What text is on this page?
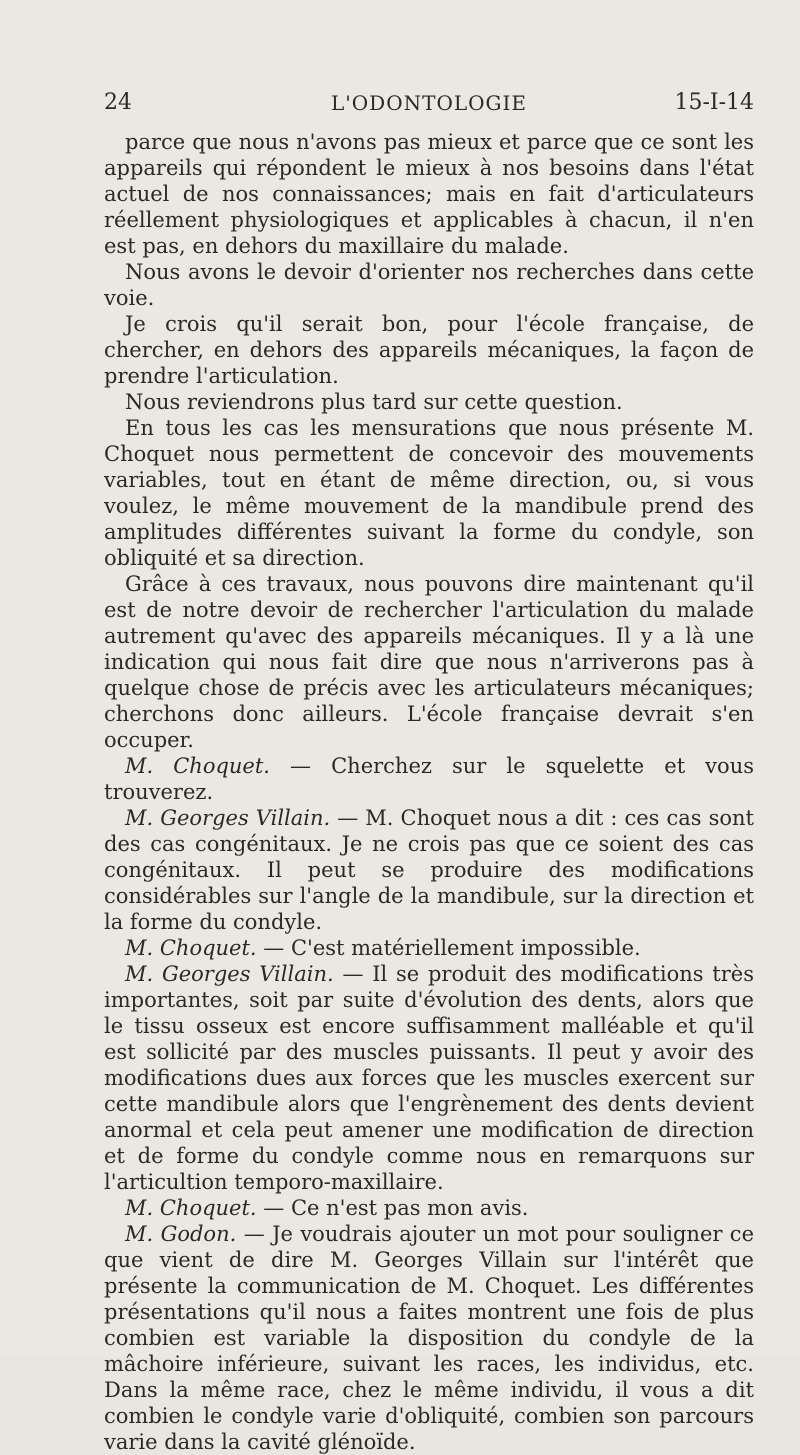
24	L'ODONTOLOGIE	15-I-14

parce que nous n'avons pas mieux et parce que ce sont les appareils qui répondent le mieux à nos besoins dans l'état actuel de nos connaissances; mais en fait d'articulateurs réellement physiologiques et applicables à chacun, il n'en est pas, en dehors du maxillaire du malade.

Nous avons le devoir d'orienter nos recherches dans cette voie.

Je crois qu'il serait bon, pour l'école française, de chercher, en dehors des appareils mécaniques, la façon de prendre l'articulation.

Nous reviendrons plus tard sur cette question.

En tous les cas les mensurations que nous présente M. Choquet nous permettent de concevoir des mouvements variables, tout en étant de même direction, ou, si vous voulez, le même mouvement de la mandibule prend des amplitudes différentes suivant la forme du condyle, son obliquité et sa direction.

Grâce à ces travaux, nous pouvons dire maintenant qu'il est de notre devoir de rechercher l'articulation du malade autrement qu'avec des appareils mécaniques. Il y a là une indication qui nous fait dire que nous n'arriverons pas à quelque chose de précis avec les articulateurs mécaniques; cherchons donc ailleurs. L'école française devrait s'en occuper.

M. Choquet. — Cherchez sur le squelette et vous trouverez.

M. Georges Villain. — M. Choquet nous a dit : ces cas sont des cas congénitaux. Je ne crois pas que ce soient des cas congénitaux. Il peut se produire des modifications considérables sur l'angle de la mandibule, sur la direction et la forme du condyle.

M. Choquet. — C'est matériellement impossible.

M. Georges Villain. — Il se produit des modifications très importantes, soit par suite d'évolution des dents, alors que le tissu osseux est encore suffisamment malléable et qu'il est sollicité par des muscles puissants. Il peut y avoir des modifications dues aux forces que les muscles exercent sur cette mandibule alors que l'engrènement des dents devient anormal et cela peut amener une modification de direction et de forme du condyle comme nous en remarquons sur l'articultion temporo-maxillaire.

M. Choquet. — Ce n'est pas mon avis.

M. Godon. — Je voudrais ajouter un mot pour souligner ce que vient de dire M. Georges Villain sur l'intérêt que présente la communication de M. Choquet. Les différentes présentations qu'il nous a faites montrent une fois de plus combien est variable la disposition du condyle de la mâchoire inférieure, suivant les races, les individus, etc. Dans la même race, chez le même individu, il vous a dit combien le condyle varie d'obliquité, combien son parcours varie dans la cavité glénoïde.
